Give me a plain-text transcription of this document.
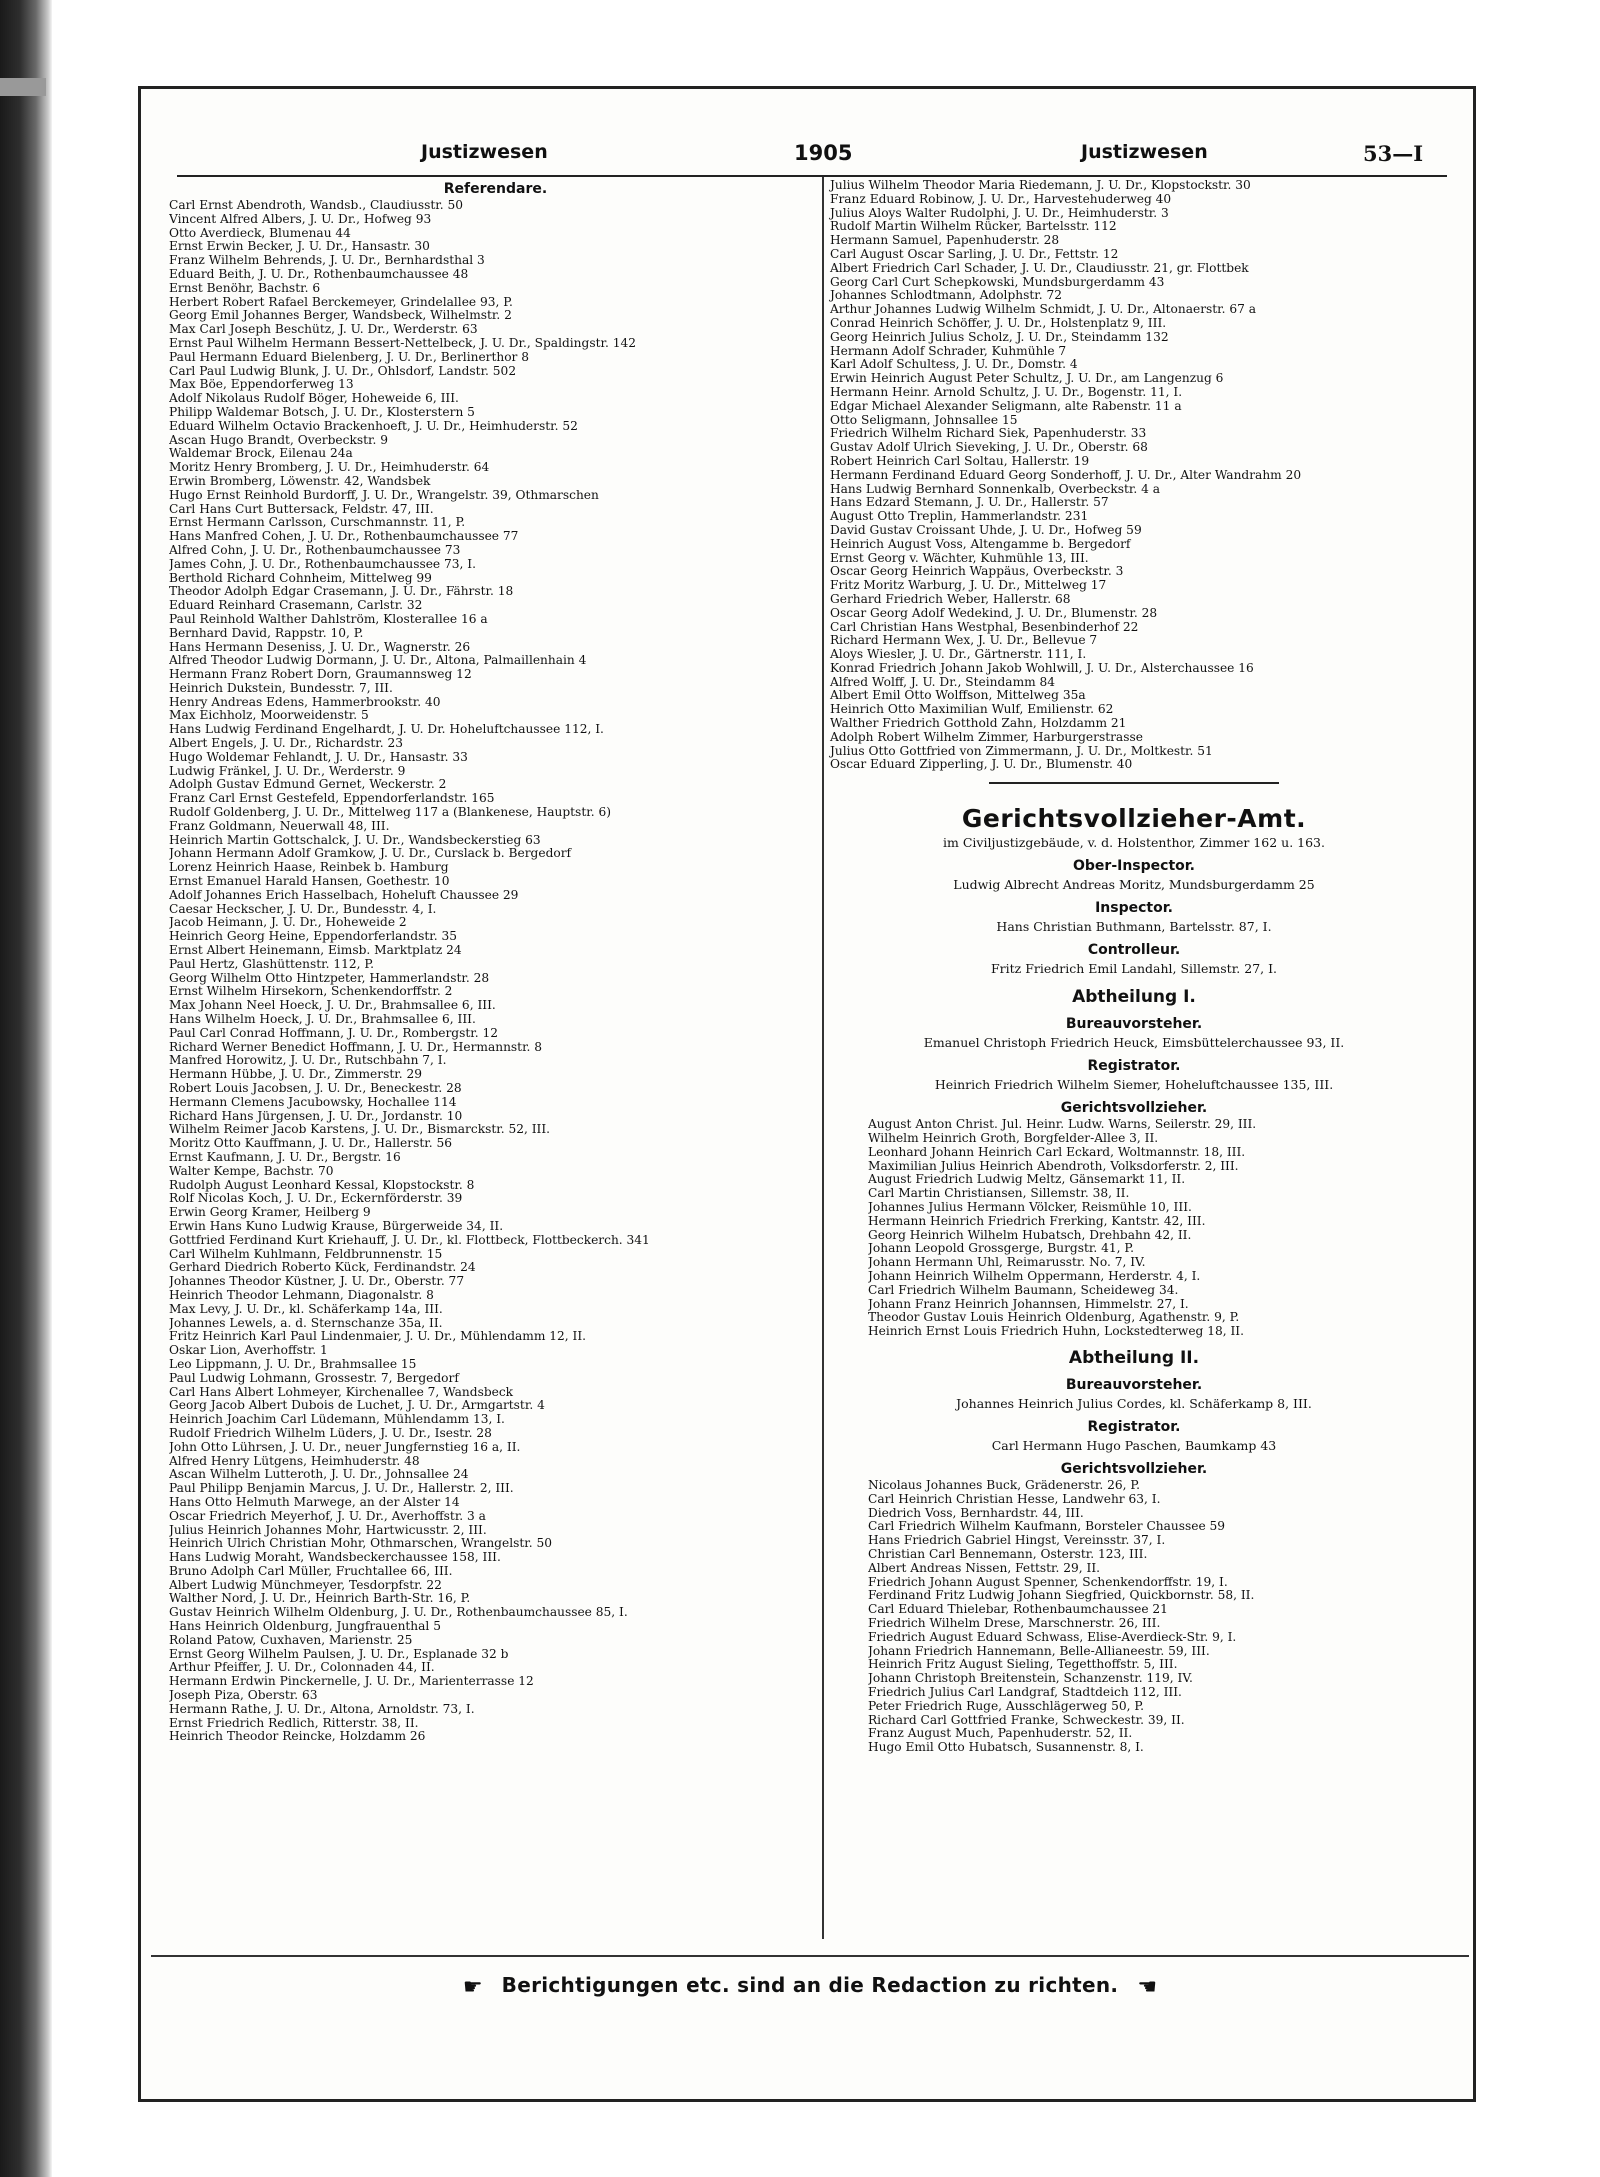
Justizwesen	1905	Justizwesen	53—I
Referendare.
Carl Ernst Abendroth, Wandsb., Claudiusstr. 50
Vincent Alfred Albers, J. U. Dr., Hofweg 93
Otto Averdieck, Blumenau 44
Ernst Erwin Becker, J. U. Dr., Hansastr. 30
Franz Wilhelm Behrends, J. U. Dr., Bernhardsthal 3
Eduard Beith, J. U. Dr., Rothenbaumchaussee 48
Ernst Benöhr, Bachstr. 6
Herbert Robert Rafael Berckemeyer, Grindelallee 93, P.
Georg Emil Johannes Berger, Wandsbeck, Wilhelmstr. 2
Max Carl Joseph Beschütz, J. U. Dr., Werderstr. 63
Ernst Paul Wilhelm Hermann Bessert-Nettelbeck, J. U. Dr., Spaldingstr. 142
Paul Hermann Eduard Bielenberg, J. U. Dr., Berlinerthor 8
Carl Paul Ludwig Blunk, J. U. Dr., Ohlsdorf, Landstr. 502
Max Böe, Eppendorferweg 13
Adolf Nikolaus Rudolf Böger, Hoheweide 6, III.
Philipp Waldemar Botsch, J. U. Dr., Klosterstern 5
Eduard Wilhelm Octavio Brackenhoeft, J. U. Dr., Heimhuderstr. 52
Ascan Hugo Brandt, Overbeckstr. 9
Waldemar Brock, Eilenau 24a
Moritz Henry Bromberg, J. U. Dr., Heimhuderstr. 64
Erwin Bromberg, Löwenstr. 42, Wandsbek
Hugo Ernst Reinhold Burdorff, J. U. Dr., Wrangelstr. 39, Othmarschen
Carl Hans Curt Buttersack, Feldstr. 47, III.
Ernst Hermann Carlsson, Curschmannstr. 11, P.
Hans Manfred Cohen, J. U. Dr., Rothenbaumchaussee 77
Alfred Cohn, J. U. Dr., Rothenbaumchaussee 73
James Cohn, J. U. Dr., Rothenbaumchaussee 73, I.
Berthold Richard Cohnheim, Mittelweg 99
Theodor Adolph Edgar Crasemann, J. U. Dr., Fährstr. 18
Eduard Reinhard Crasemann, Carlstr. 32
Paul Reinhold Walther Dahlström, Klosterallee 16 a
Bernhard David, Rappstr. 10, P.
Hans Hermann Deseniss, J. U. Dr., Wagnerstr. 26
Alfred Theodor Ludwig Dormann, J. U. Dr., Altona, Palmaillenhain 4
Hermann Franz Robert Dorn, Graumannsweg 12
Heinrich Dukstein, Bundesstr. 7, III.
Henry Andreas Edens, Hammerbrookstr. 40
Max Eichholz, Moorweidenstr. 5
Hans Ludwig Ferdinand Engelhardt, J. U. Dr. Hoheluftchaussee 112, I.
Albert Engels, J. U. Dr., Richardstr. 23
Hugo Woldemar Fehlandt, J. U. Dr., Hansastr. 33
Ludwig Fränkel, J. U. Dr., Werderstr. 9
Adolph Gustav Edmund Gernet, Weckerstr. 2
Franz Carl Ernst Gestefeld, Eppendorferlandstr. 165
Rudolf Goldenberg, J. U. Dr., Mittelweg 117 a (Blankenese, Hauptstr. 6)
Franz Goldmann, Neuerwall 48, III.
Heinrich Martin Gottschalck, J. U. Dr., Wandsbeckerstieg 63
Johann Hermann Adolf Gramkow, J. U. Dr., Curslack b. Bergedorf
Lorenz Heinrich Haase, Reinbek b. Hamburg
Ernst Emanuel Harald Hansen, Goethestr. 10
Adolf Johannes Erich Hasselbach, Hoheluft Chaussee 29
Caesar Heckscher, J. U. Dr., Bundesstr. 4, I.
Jacob Heimann, J. U. Dr., Hoheweide 2
Heinrich Georg Heine, Eppendorferlandstr. 35
Ernst Albert Heinemann, Eimsb. Marktplatz 24
Paul Hertz, Glashüttenstr. 112, P.
Georg Wilhelm Otto Hintzpeter, Hammerlandstr. 28
Ernst Wilhelm Hirsekorn, Schenkendorffstr. 2
Max Johann Neel Hoeck, J. U. Dr., Brahmsallee 6, III.
Hans Wilhelm Hoeck, J. U. Dr., Brahmsallee 6, III.
Paul Carl Conrad Hoffmann, J. U. Dr., Rombergstr. 12
Richard Werner Benedict Hoffmann, J. U. Dr., Hermannstr. 8
Manfred Horowitz, J. U. Dr., Rutschbahn 7, I.
Hermann Hübbe, J. U. Dr., Zimmerstr. 29
Robert Louis Jacobsen, J. U. Dr., Beneckestr. 28
Hermann Clemens Jacubowsky, Hochallee 114
Richard Hans Jürgensen, J. U. Dr., Jordanstr. 10
Wilhelm Reimer Jacob Karstens, J. U. Dr., Bismarckstr. 52, III.
Moritz Otto Kauffmann, J. U. Dr., Hallerstr. 56
Ernst Kaufmann, J. U. Dr., Bergstr. 16
Walter Kempe, Bachstr. 70
Rudolph August Leonhard Kessal, Klopstockstr. 8
Rolf Nicolas Koch, J. U. Dr., Eckernförderstr. 39
Erwin Georg Kramer, Heilberg 9
Erwin Hans Kuno Ludwig Krause, Bürgerweide 34, II.
Gottfried Ferdinand Kurt Kriehauff, J. U. Dr., kl. Flottbeck, Flottbeckerch. 341
Carl Wilhelm Kuhlmann, Feldbrunnenstr. 15
Gerhard Diedrich Roberto Kück, Ferdinandstr. 24
Johannes Theodor Küstner, J. U. Dr., Oberstr. 77
Heinrich Theodor Lehmann, Diagonalstr. 8
Max Levy, J. U. Dr., kl. Schäferkamp 14a, III.
Johannes Lewels, a. d. Sternschanze 35a, II.
Fritz Heinrich Karl Paul Lindenmaier, J. U. Dr., Mühlendamm 12, II.
Oskar Lion, Averhoffstr. 1
Leo Lippmann, J. U. Dr., Brahmsallee 15
Paul Ludwig Lohmann, Grossestr. 7, Bergedorf
Carl Hans Albert Lohmeyer, Kirchenallee 7, Wandsbeck
Georg Jacob Albert Dubois de Luchet, J. U. Dr., Armgartstr. 4
Heinrich Joachim Carl Lüdemann, Mühlendamm 13, I.
Rudolf Friedrich Wilhelm Lüders, J. U. Dr., Isestr. 28
John Otto Lührsen, J. U. Dr., neuer Jungfernstieg 16 a, II.
Alfred Henry Lütgens, Heimhuderstr. 48
Ascan Wilhelm Lutteroth, J. U. Dr., Johnsallee 24
Paul Philipp Benjamin Marcus, J. U. Dr., Hallerstr. 2, III.
Hans Otto Helmuth Marwege, an der Alster 14
Oscar Friedrich Meyerhof, J. U. Dr., Averhoffstr. 3 a
Julius Heinrich Johannes Mohr, Hartwicusstr. 2, III.
Heinrich Ulrich Christian Mohr, Othmarschen, Wrangelstr. 50
Hans Ludwig Moraht, Wandsbeckerchaussee 158, III.
Bruno Adolph Carl Müller, Fruchtallee 66, III.
Albert Ludwig Münchmeyer, Tesdorpfstr. 22
Walther Nord, J. U. Dr., Heinrich Barth-Str. 16, P.
Gustav Heinrich Wilhelm Oldenburg, J. U. Dr., Rothenbaumchaussee 85, I.
Hans Heinrich Oldenburg, Jungfrauenthal 5
Roland Patow, Cuxhaven, Marienstr. 25
Ernst Georg Wilhelm Paulsen, J. U. Dr., Esplanade 32 b
Arthur Pfeiffer, J. U. Dr., Colonnaden 44, II.
Hermann Erdwin Pinckernelle, J. U. Dr., Marienterrasse 12
Joseph Piza, Oberstr. 63
Hermann Rathe, J. U. Dr., Altona, Arnoldstr. 73, I.
Ernst Friedrich Redlich, Ritterstr. 38, II.
Heinrich Theodor Reincke, Holzdamm 26
Julius Wilhelm Theodor Maria Riedemann, J. U. Dr., Klopstockstr. 30
Franz Eduard Robinow, J. U. Dr., Harvestehuderweg 40
Julius Aloys Walter Rudolphi, J. U. Dr., Heimhuderstr. 3
Rudolf Martin Wilhelm Rücker, Bartelsstr. 112
Hermann Samuel, Papenhuderstr. 28
Carl August Oscar Sarling, J. U. Dr., Fettstr. 12
Albert Friedrich Carl Schader, J. U. Dr., Claudiusstr. 21, gr. Flottbek
Georg Carl Curt Schepkowski, Mundsburgerdamm 43
Johannes Schlodtmann, Adolphstr. 72
Arthur Johannes Ludwig Wilhelm Schmidt, J. U. Dr., Altonaerstr. 67 a
Conrad Heinrich Schöffer, J. U. Dr., Holstenplatz 9, III.
Georg Heinrich Julius Scholz, J. U. Dr., Steindamm 132
Hermann Adolf Schrader, Kuhmühle 7
Karl Adolf Schultess, J. U. Dr., Domstr. 4
Erwin Heinrich August Peter Schultz, J. U. Dr., am Langenzug 6
Hermann Heinr. Arnold Schultz, J. U. Dr., Bogenstr. 11, I.
Edgar Michael Alexander Seligmann, alte Rabenstr. 11 a
Otto Seligmann, Johnsallee 15
Friedrich Wilhelm Richard Siek, Papenhuderstr. 33
Gustav Adolf Ulrich Sieveking, J. U. Dr., Oberstr. 68
Robert Heinrich Carl Soltau, Hallerstr. 19
Hermann Ferdinand Eduard Georg Sonderhoff, J. U. Dr., Alter Wandrahm 20
Hans Ludwig Bernhard Sonnenkalb, Overbeckstr. 4 a
Hans Edzard Stemann, J. U. Dr., Hallerstr. 57
August Otto Treplin, Hammerlandstr. 231
David Gustav Croissant Uhde, J. U. Dr., Hofweg 59
Heinrich August Voss, Altengamme b. Bergedorf
Ernst Georg v. Wächter, Kuhmühle 13, III.
Oscar Georg Heinrich Wappäus, Overbeckstr. 3
Fritz Moritz Warburg, J. U. Dr., Mittelweg 17
Gerhard Friedrich Weber, Hallerstr. 68
Oscar Georg Adolf Wedekind, J. U. Dr., Blumenstr. 28
Carl Christian Hans Westphal, Besenbinderhof 22
Richard Hermann Wex, J. U. Dr., Bellevue 7
Aloys Wiesler, J. U. Dr., Gärtnerstr. 111, I.
Konrad Friedrich Johann Jakob Wohlwill, J. U. Dr., Alsterchaussee 16
Alfred Wolff, J. U. Dr., Steindamm 84
Albert Emil Otto Wolffson, Mittelweg 35a
Heinrich Otto Maximilian Wulf, Emilienstr. 62
Walther Friedrich Gotthold Zahn, Holzdamm 21
Adolph Robert Wilhelm Zimmer, Harburgerstrasse
Julius Otto Gottfried von Zimmermann, J. U. Dr., Moltkestr. 51
Oscar Eduard Zipperling, J. U. Dr., Blumenstr. 40
Gerichtsvollzieher-Amt.
im Civiljustizgebäude, v. d. Holstenthor, Zimmer 162 u. 163.
Ober-Inspector.
Ludwig Albrecht Andreas Moritz, Mundsburgerdamm 25
Inspector.
Hans Christian Buthmann, Bartelsstr. 87, I.
Controlleur.
Fritz Friedrich Emil Landahl, Sillemstr. 27, I.
Abtheilung I.
Bureauvorsteher.
Emanuel Christoph Friedrich Heuck, Eimsbüttelerchaussee 93, II.
Registrator.
Heinrich Friedrich Wilhelm Siemer, Hoheluftchaussee 135, III.
Gerichtsvollzieher.
August Anton Christ. Jul. Heinr. Ludw. Warns, Seilerstr. 29, III.
Wilhelm Heinrich Groth, Borgfelder-Allee 3, II.
Leonhard Johann Heinrich Carl Eckard, Woltmannstr. 18, III.
Maximilian Julius Heinrich Abendroth, Volksdorferstr. 2, III.
August Friedrich Ludwig Meltz, Gänsemarkt 11, II.
Carl Martin Christiansen, Sillemstr. 38, II.
Johannes Julius Hermann Völcker, Reismühle 10, III.
Hermann Heinrich Friedrich Frerking, Kantstr. 42, III.
Georg Heinrich Wilhelm Hubatsch, Drehbahn 42, II.
Johann Leopold Grossgerge, Burgstr. 41, P.
Johann Hermann Uhl, Reimarusstr. No. 7, IV.
Johann Heinrich Wilhelm Oppermann, Herderstr. 4, I.
Carl Friedrich Wilhelm Baumann, Scheideweg 34.
Johann Franz Heinrich Johannsen, Himmelstr. 27, I.
Theodor Gustav Louis Heinrich Oldenburg, Agathenstr. 9, P.
Heinrich Ernst Louis Friedrich Huhn, Lockstedterweg 18, II.
Abtheilung II.
Bureauvorsteher.
Johannes Heinrich Julius Cordes, kl. Schäferkamp 8, III.
Registrator.
Carl Hermann Hugo Paschen, Baumkamp 43
Gerichtsvollzieher.
Nicolaus Johannes Buck, Grädenerstr. 26, P.
Carl Heinrich Christian Hesse, Landwehr 63, I.
Diedrich Voss, Bernhardstr. 44, III.
Carl Friedrich Wilhelm Kaufmann, Borsteler Chaussee 59
Hans Friedrich Gabriel Hingst, Vereinsstr. 37, I.
Christian Carl Bennemann, Osterstr. 123, III.
Albert Andreas Nissen, Fettstr. 29, II.
Friedrich Johann August Spenner, Schenkendorffstr. 19, I.
Ferdinand Fritz Ludwig Johann Siegfried, Quickbornstr. 58, II.
Carl Eduard Thielebar, Rothenbaumchaussee 21
Friedrich Wilhelm Drese, Marschnerstr. 26, III.
Friedrich August Eduard Schwass, Elise-Averdieck-Str. 9, I.
Johann Friedrich Hannemann, Belle-Allianeestr. 59, III.
Heinrich Fritz August Sieling, Tegetthoffstr. 5, III.
Johann Christoph Breitenstein, Schanzenstr. 119, IV.
Friedrich Julius Carl Landgraf, Stadtdeich 112, III.
Peter Friedrich Ruge, Ausschlägerweg 50, P.
Richard Carl Gottfried Franke, Schweckestr. 39, II.
Franz August Much, Papenhuderstr. 52, II.
Hugo Emil Otto Hubatsch, Susannenstr. 8, I.
☛ Berichtigungen etc. sind an die Redaction zu richten. ☚
